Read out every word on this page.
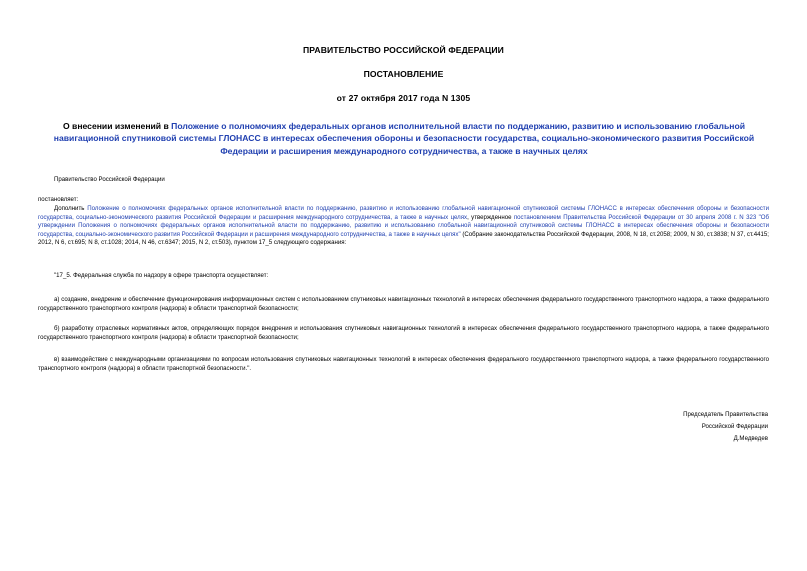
ПРАВИТЕЛЬСТВО РОССИЙСКОЙ ФЕДЕРАЦИИ
ПОСТАНОВЛЕНИЕ
от 27 октября 2017 года N 1305
О внесении изменений в Положение о полномочиях федеральных органов исполнительной власти по поддержанию, развитию и использованию глобальной навигационной спутниковой системы ГЛОНАСС в интересах обеспечения обороны и безопасности государства, социально-экономического развития Российской Федерации и расширения международного сотрудничества, а также в научных целях
Правительство Российской Федерации
постановляет:
Дополнить Положение о полномочиях федеральных органов исполнительной власти по поддержанию, развитию и использованию глобальной навигационной спутниковой системы ГЛОНАСС в интересах обеспечения обороны и безопасности государства, социально-экономического развития Российской Федерации и расширения международного сотрудничества, а также в научных целях, утвержденное постановлением Правительства Российской Федерации от 30 апреля 2008 г. N 323 "Об утверждении Положения о полномочиях федеральных органов исполнительной власти по поддержанию, развитию и использованию глобальной навигационной спутниковой системы ГЛОНАСС в интересах обеспечения обороны и безопасности государства, социально-экономического развития Российской Федерации и расширения международного сотрудничества, а также в научных целях" (Собрание законодательства Российской Федерации, 2008, N 18, ст.2058; 2009, N 30, ст.3838; N 37, ст.4415; 2012, N 6, ст.695; N 8, ст.1028; 2014, N 46, ст.6347; 2015, N 2, ст.503), пунктом 17_5 следующего содержания:
"17_5. Федеральная служба по надзору в сфере транспорта осуществляет:
а) создание, внедрение и обеспечение функционирования информационных систем с использованием спутниковых навигационных технологий в интересах обеспечения федерального государственного транспортного надзора, а также федерального государственного транспортного контроля (надзора) в области транспортной безопасности;
б) разработку отраслевых нормативных актов, определяющих порядок внедрения и использования спутниковых навигационных технологий в интересах обеспечения федерального государственного транспортного надзора, а также федерального государственного транспортного контроля (надзора) в области транспортной безопасности;
в) взаимодействие с международными организациями по вопросам использования спутниковых навигационных технологий в интересах обеспечения федерального государственного транспортного надзора, а также федерального государственного транспортного контроля (надзора) в области транспортной безопасности.".
Председатель Правительства
Российской Федерации
Д.Медведев
